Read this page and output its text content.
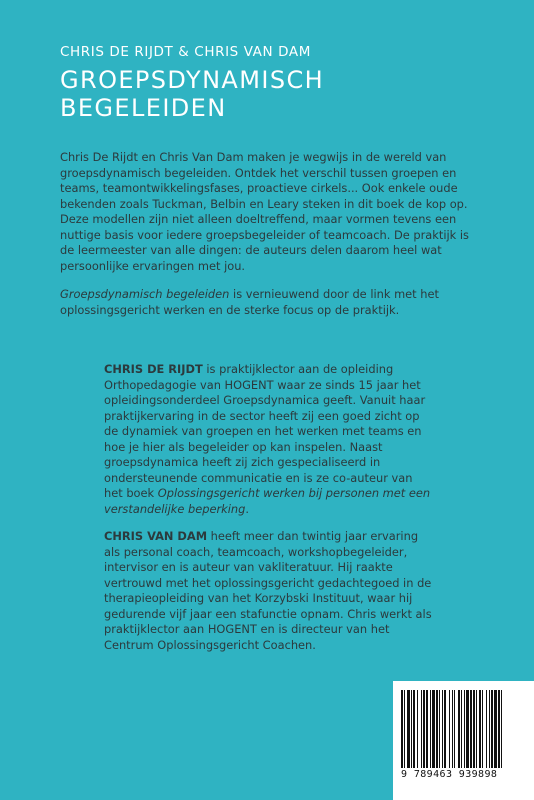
CHRIS DE RIJDT & CHRIS VAN DAM
GROEPSDYNAMISCH
BEGELEIDEN

Chris De Rijdt en Chris Van Dam maken je wegwijs in de wereld van groepsdynamisch begeleiden. Ontdek het verschil tussen groepen en teams, teamontwikkelingsfases, proactieve cirkels... Ook enkele oude bekenden zoals Tuckman, Belbin en Leary steken in dit boek de kop op. Deze modellen zijn niet alleen doeltreffend, maar vormen tevens een nuttige basis voor iedere groepsbegeleider of teamcoach. De praktijk is de leermeester van alle dingen: de auteurs delen daarom heel wat persoonlijke ervaringen met jou.

Groepsdynamisch begeleiden is vernieuwend door de link met het oplossingsgericht werken en de sterke focus op de praktijk.

CHRIS DE RIJDT is praktijklector aan de opleiding Orthopedagogie van HOGENT waar ze sinds 15 jaar het opleidingsonderdeel Groepsdynamica geeft. Vanuit haar praktijkervaring in de sector heeft zij een goed zicht op de dynamiek van groepen en het werken met teams en hoe je hier als begeleider op kan inspelen. Naast groepsdynamica heeft zij zich gespecialiseerd in ondersteunende communicatie en is ze co-auteur van het boek Oplossingsgericht werken bij personen met een verstandelijke beperking.

CHRIS VAN DAM heeft meer dan twintig jaar ervaring als personal coach, teamcoach, workshopbegeleider, intervisor en is auteur van vakliteratuur. Hij raakte vertrouwd met het oplossingsgericht gedachtegoed in de therapieopleiding van het Korzybski Instituut, waar hij gedurende vijf jaar een stafunctie opnam. Chris werkt als praktijklector aan HOGENT en is directeur van het Centrum Oplossingsgericht Coachen.

9 789463 939898
